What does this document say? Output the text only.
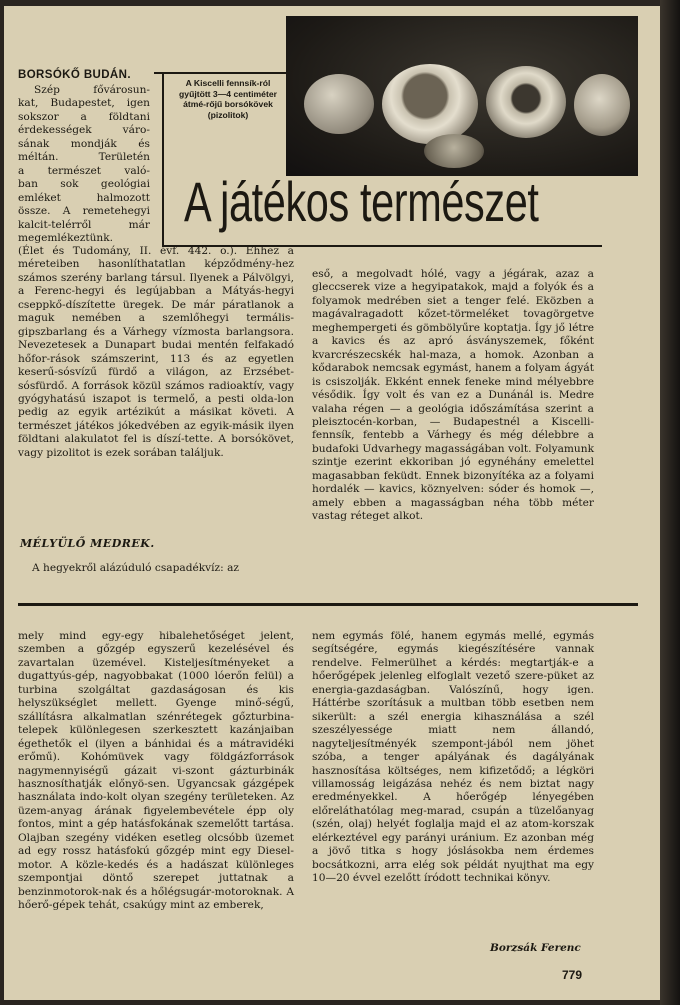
BORSÓKŐ BUDÁN.
Szép fővárosun-
kat, Budapestet, igen
sokszor a földtani
érdekességek váro-
sának mondják és
méltán. Területén
a természet való-
ban sok geológiai
emléket halmozott
össze. A remetehegyi
kalcit-telérről már
megemlékeztünk.
A Kiscelli fennsík-ról gyűjtött 3—4 centiméter átmé-rőjű borsókövek (pizolitok)
A játékos természet

(Élet és Tudomány, II. évf. 442. o.). Ehhez a méreteiben hasonlíthatatlan képződmény-hez számos szerény barlang társul. Ilyenek a Pálvölgyi, a Ferenc-hegyi és legújabban a Mátyás-hegyi cseppkő-díszítette üregek. De már páratlanok a maguk nemében a szemlőhegyi termális-gipszbarlang és a Várhegy vízmosta barlangsora. Nevezetesek a Dunapart budai mentén felfakadó hőfor-rások számszerint, 113 és az egyetlen keserű-sósvízű fürdő a világon, az Erzsébet-sósfürdő. A források közül számos radioaktív, vagy gyógyhatású iszapot is termelő, a pesti olda-lon pedig az egyik artézikút a másikat követi. A természet játékos jókedvében az egyik-másik ilyen földtani alakulatot fel is díszí-tette. A borsókövet, vagy pizolitot is ezek sorában találjuk.

MÉLYÜLŐ MEDREK.

A hegyekről alázúduló csapadékvíz: az

eső, a megolvadt hólé, vagy a jégárak, azaz a gleccserek vize a hegyipatakok, majd a folyók és a folyamok medrében siet a tenger felé. Eközben a magávalragadott kőzet-törmeléket tovagörgetve meghempergeti és gömbölyűre koptatja. Így jő létre a kavics és az apró ásványszemek, főként kvarcrészecskék hal-maza, a homok. Azonban a kődarabok nemcsak egymást, hanem a folyam ágyát is csiszolják. Ekként ennek feneke mind mélyebbre vésődik. Így volt és van ez a Dunánál is. Medre valaha régen — a geológia időszámítása szerint a pleisztocén-korban, — Budapestnél a Kiscelli-fennsík, fentebb a Várhegy és még délebbre a budafoki Udvarhegy magasságában volt. Folyamunk szintje ezerint ekkoriban jó egynéhány emelettel magasabban feküdt. Ennek bizonyítéka az a folyami hordalék — kavics, köznyelven: sóder és homok —, amely ebben a magasságban néha több méter vastag réteget alkot.

mely mind egy-egy hibalehetőséget jelent, szemben a gőzgép egyszerű kezelésével és zavartalan üzemével. Kisteljesítményeket a dugattyús-gép, nagyobbakat (1000 lóerőn felül) a turbina szolgáltat gazdaságosan és kis helyszükséglet mellett. Gyenge minő-ségű, szállításra alkalmatlan szénrétegek gőzturbina-telepek különlegesen szerkesztett kazánjaiban égethetők el (ilyen a bánhidai és a mátravidéki erőmű). Kohómüvek vagy földgázforrások nagymennyiségű gázait vi-szont gázturbinák hasznosíthatják előnyö-sen. Ugyancsak gázgépek használata indo-kolt olyan szegény területeken. Az üzem-anyag árának figyelembevétele épp oly fontos, mint a gép hatásfokának szemelőtt tartása. Olajban szegény vidéken esetleg olcsóbb üzemet ad egy rossz hatásfokú gőzgép mint egy Diesel-motor. A közle-kedés és a hadászat különleges szempontjai döntő szerepet juttatnak a benzinmotorok-nak és a hőlégsugár-motoroknak. A hőerő-gépek tehát, csakúgy mint az emberek,

nem egymás fölé, hanem egymás mellé, egymás segítségére, egymás kiegészítésére vannak rendelve. Felmerülhet a kérdés: megtartják-e a hőerőgépek jelenleg elfoglalt vezető szere-püket az energia-gazdaságban. Valószínű, hogy igen. Háttérbe szorításuk a multban több esetben nem sikerült: a szél energia kihasználása a szél szeszélyessége miatt nem állandó, nagyteljesítményék szempont-jából nem jöhet szóba, a tenger apályának és dagályának hasznosítása költséges, nem kifizetődő; a légköri villamosság leigázása nehéz és nem biztat nagy eredményekkel. A hőerőgép lényegében előreláthatólag meg-marad, csupán a tüzelőanyag (szén, olaj) helyét foglalja majd el az atom-korszak elérkeztével egy parányi uránium. Ez azonban még a jövő titka s hogy jóslásokba nem érdemes bocsátkozni, arra elég sok példát nyujthat ma egy 10—20 évvel ezelőtt íródott technikai könyv.

Borzsák Ferenc
779
